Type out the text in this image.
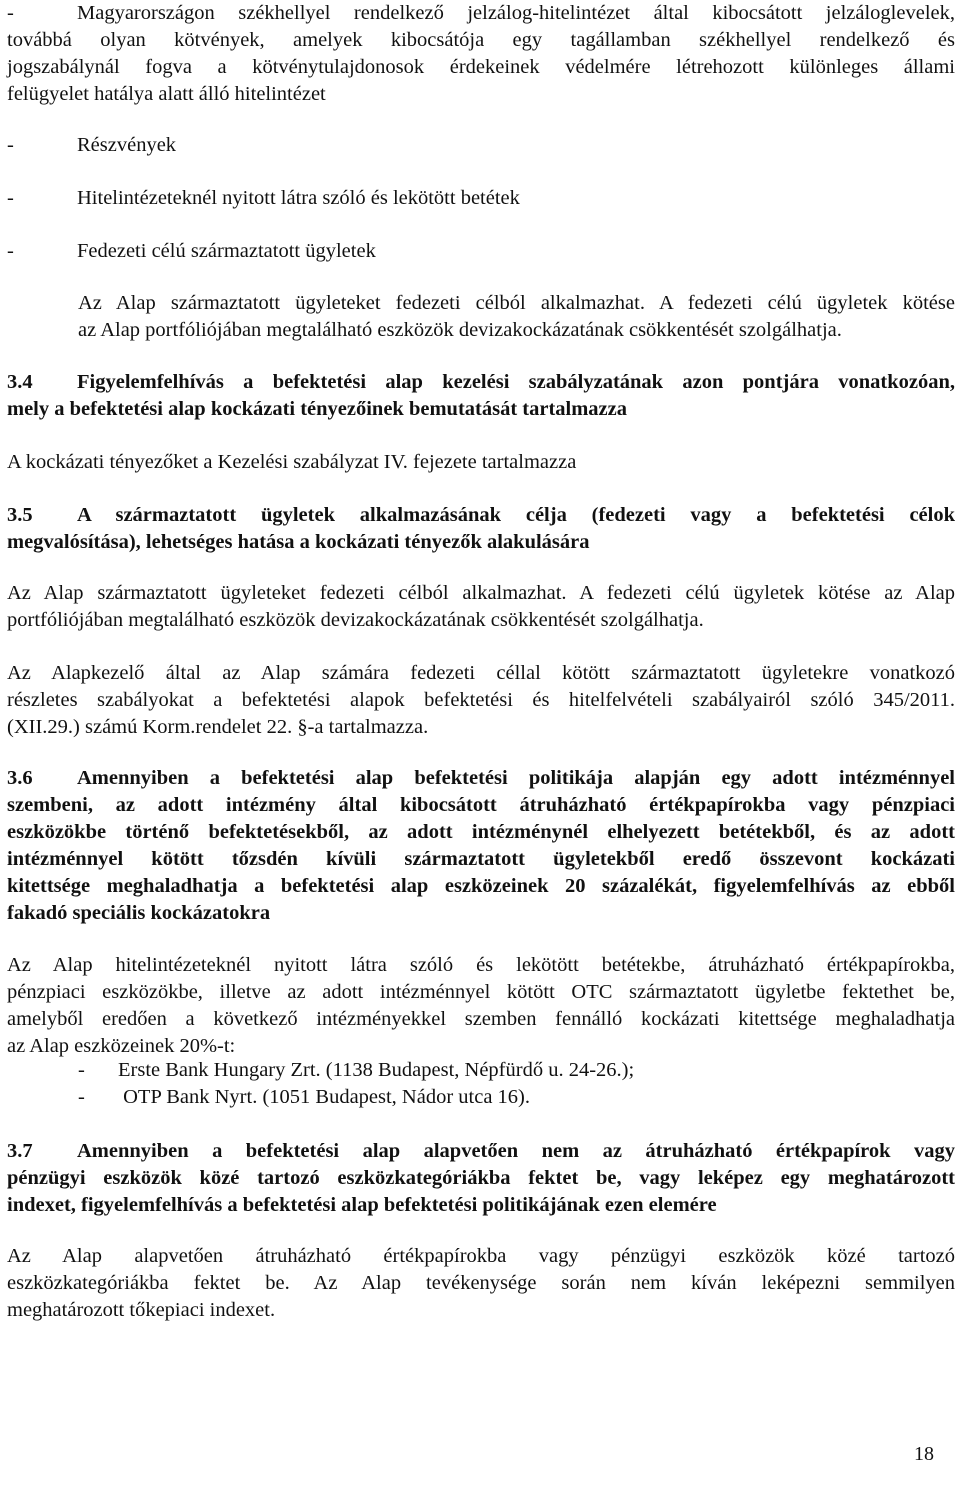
-	Magyarországon székhellyel rendelkező jelzálog-hitelintézet által kibocsátott jelzáloglevelek,

továbbá olyan kötvények, amelyek kibocsátója egy tagállamban székhellyel rendelkező és

jogszabálynál fogva a kötvénytulajdonosok érdekeinek védelmére létrehozott különleges állami

felügyelet hatálya alatt álló hitelintézet

-	Részvények
-	Hitelintézeteknél nyitott látra szóló és lekötött betétek
-	Fedezeti célú származtatott ügyletek

Az Alap származtatott ügyleteket fedezeti célból alkalmazhat. A fedezeti célú ügyletek kötése

az Alap portfóliójában megtalálható eszközök devizakockázatának csökkentését szolgálhatja.

3.4 Figyelemfelhívás a befektetési alap kezelési szabályzatának azon pontjára vonatkozóan,

mely a befektetési alap kockázati tényezőinek bemutatását tartalmazza

A kockázati tényezőket a Kezelési szabályzat IV. fejezete tartalmazza

3.5 A származtatott ügyletek alkalmazásának célja (fedezeti vagy a befektetési célok

megvalósítása), lehetséges hatása a kockázati tényezők alakulására

Az Alap származtatott ügyleteket fedezeti célból alkalmazhat. A fedezeti célú ügyletek kötése az Alap

portfóliójában megtalálható eszközök devizakockázatának csökkentését szolgálhatja.

Az Alapkezelő által az Alap számára fedezeti céllal kötött származtatott ügyletekre vonatkozó

részletes szabályokat a befektetési alapok befektetési és hitelfelvételi szabályairól szóló 345/2011.

(XII.29.) számú Korm.rendelet 22. §-a tartalmazza.

3.6 Amennyiben a befektetési alap befektetési politikája alapján egy adott intézménnyel

szembeni, az adott intézmény által kibocsátott átruházható értékpapírokba vagy pénzpiaci

eszközökbe történő befektetésekből, az adott intézménynél elhelyezett betétekből, és az adott

intézménnyel kötött tőzsdén kívüli származtatott ügyletekből eredő összevont kockázati

kitettsége meghaladhatja a befektetési alap eszközeinek 20 százalékát, figyelemfelhívás az ebből

fakadó speciális kockázatokra

Az Alap hitelintézeteknél nyitott látra szóló és lekötött betétekbe, átruházható értékpapírokba,

pénzpiaci eszközökbe, illetve az adott intézménnyel kötött OTC származtatott ügyletbe fektethet be,

amelyből eredően a következő intézményekkel szemben fennálló kockázati kitettsége meghaladhatja

az Alap eszközeinek 20%-t:

-	Erste Bank Hungary Zrt. (1138 Budapest, Népfürdő u. 24-26.);
-	OTP Bank Nyrt. (1051 Budapest, Nádor utca 16).

3.7 Amennyiben a befektetési alap alapvetően nem az átruházható értékpapírok vagy

pénzügyi eszközök közé tartozó eszközkategóriákba fektet be, vagy leképez egy meghatározott

indexet, figyelemfelhívás a befektetési alap befektetési politikájának ezen elemére

Az Alap alapvetően átruházható értékpapírokba vagy pénzügyi eszközök közé tartozó

eszközkategóriákba fektet be. Az Alap tevékenysége során nem kíván leképezni semmilyen

meghatározott tőkepiaci indexet.

18
